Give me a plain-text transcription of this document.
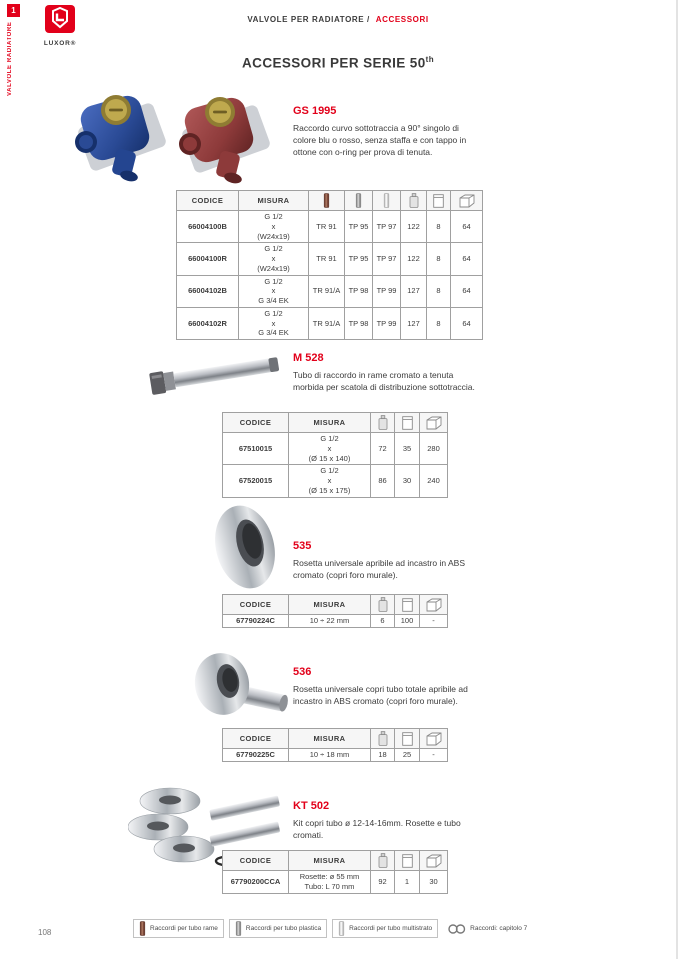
1
VALVOLE RADIATORE	LUXOR®
VALVOLE PER RADIATORE / ACCESSORI
ACCESSORI PER SERIE 50th
GS 1995

Raccordo curvo sottotraccia a 90° singolo di colore blu o rosso, senza staffa e con tappo in ottone con o-ring per prova di tenuta.

CODICE	MISURA						
66004100B	G 1/2
x
(W24x19)	TR 91	TP 95	TP 97	122	8	64
66004100R	G 1/2
x
(W24x19)	TR 91	TP 95	TP 97	122	8	64
66004102B	G 1/2
x
G 3/4 EK	TR 91/A	TP 98	TP 99	127	8	64
66004102R	G 1/2
x
G 3/4 EK	TR 91/A	TP 98	TP 99	127	8	64
M 528

Tubo di raccordo in rame cromato a tenuta morbida per scatola di distribuzione sottotraccia.

CODICE	MISURA			
67510015	G 1/2
x
(Ø 15 x 140)	72	35	280
67520015	G 1/2
x
(Ø 15 x 175)	86	30	240
535

Rosetta universale apribile ad incastro in ABS cromato (copri foro murale).

CODICE	MISURA			
67790224C	10 ÷ 22 mm	6	100	-
536

Rosetta universale copri tubo totale apribile ad incastro in ABS cromato (copri foro murale).

CODICE	MISURA			
67790225C	10 ÷ 18 mm	18	25	-
KT 502

Kit copri tubo ø 12-14-16mm. Rosette e tubo cromati.

CODICE	MISURA			
67790200CCA	Rosette: ø 55 mm
Tubo: L 70 mm	92	1	30
108	Raccordi per tubo rame	Raccordi per tubo plastica	Raccordi per tubo multistrato	Raccordi: capitolo 7
